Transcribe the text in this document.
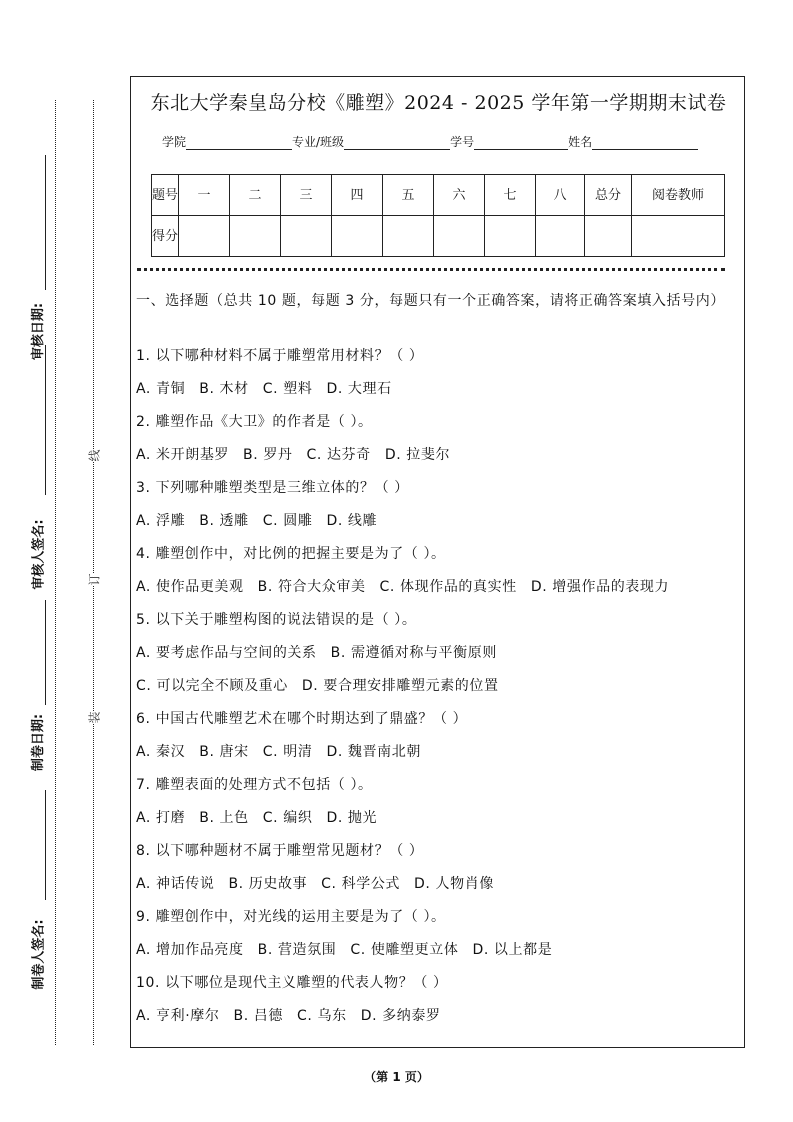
审核日期:
审核人签名:
制卷日期:
制卷人签名:
线
订
装
东北大学秦皇岛分校《雕塑》2024 - 2025 学年第一学期期末试卷
学院	专业/班级	学号	姓名
题号	一	二	三	四	五	六	七	八	总分	阅卷教师
得分										
一、选择题（总共 10 题，每题 3 分，每题只有一个正确答案，请将正确答案填入括号内）
1. 以下哪种材料不属于雕塑常用材料？（ ）
A. 青铜 B. 木材 C. 塑料 D. 大理石
2. 雕塑作品《大卫》的作者是（ ）。
A. 米开朗基罗 B. 罗丹 C. 达芬奇 D. 拉斐尔
3. 下列哪种雕塑类型是三维立体的？（ ）
A. 浮雕 B. 透雕 C. 圆雕 D. 线雕
4. 雕塑创作中，对比例的把握主要是为了（ ）。
A. 使作品更美观 B. 符合大众审美 C. 体现作品的真实性 D. 增强作品的表现力
5. 以下关于雕塑构图的说法错误的是（ ）。
A. 要考虑作品与空间的关系 B. 需遵循对称与平衡原则
C. 可以完全不顾及重心 D. 要合理安排雕塑元素的位置
6. 中国古代雕塑艺术在哪个时期达到了鼎盛？（ ）
A. 秦汉 B. 唐宋 C. 明清 D. 魏晋南北朝
7. 雕塑表面的处理方式不包括（ ）。
A. 打磨 B. 上色 C. 编织 D. 抛光
8. 以下哪种题材不属于雕塑常见题材？（ ）
A. 神话传说 B. 历史故事 C. 科学公式 D. 人物肖像
9. 雕塑创作中，对光线的运用主要是为了（ ）。
A. 增加作品亮度 B. 营造氛围 C. 使雕塑更立体 D. 以上都是
10. 以下哪位是现代主义雕塑的代表人物？（ ）
A. 亨利·摩尔 B. 吕德 C. 乌东 D. 多纳泰罗
（第 1 页）
